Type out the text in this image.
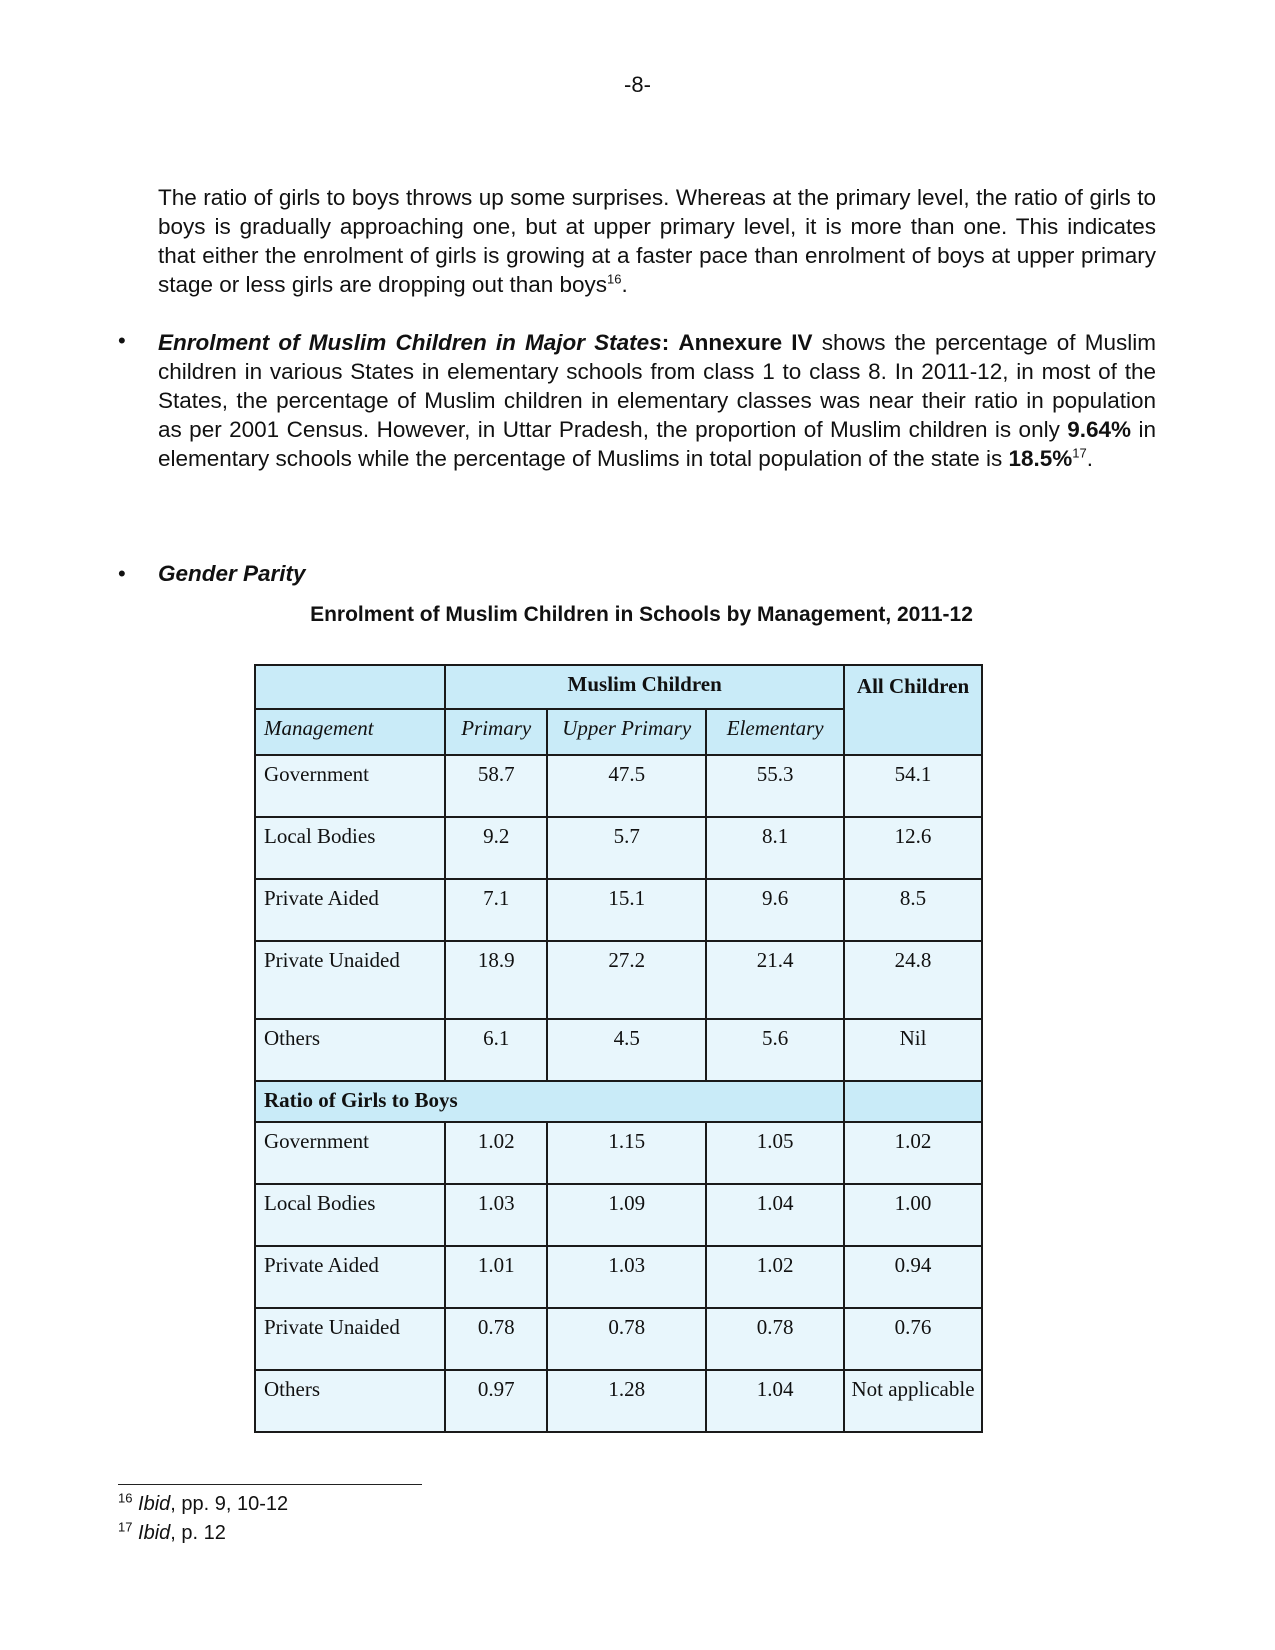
-8-

The ratio of girls to boys throws up some surprises. Whereas at the primary level, the ratio of girls to boys is gradually approaching one, but at upper primary level, it is more than one. This indicates that either the enrolment of girls is growing at a faster pace than enrolment of boys at upper primary stage or less girls are dropping out than boys$^{16}$.

• Enrolment of Muslim Children in Major States: Annexure IV shows the percentage of Muslim children in various States in elementary schools from class 1 to class 8. In 2011-12, in most of the States, the percentage of Muslim children in elementary classes was near their ratio in population as per 2001 Census. However, in Uttar Pradesh, the proportion of Muslim children is only 9.64% in elementary schools while the percentage of Muslims in total population of the state is 18.5%$^{17}$.

• Gender Parity
Enrolment of Muslim Children in Schools by Management, 2011-12
	Muslim Children			All Children
Management	Primary	Upper Primary	Elementary	
Government	58.7	47.5	55.3	54.1
Local Bodies	9.2	5.7	8.1	12.6
Private Aided	7.1	15.1	9.6	8.5
Private Unaided	18.9	27.2	21.4	24.8
Others	6.1	4.5	5.6	Nil
Ratio of Girls to Boys				
Government	1.02	1.15	1.05	1.02
Local Bodies	1.03	1.09	1.04	1.00
Private Aided	1.01	1.03	1.02	0.94
Private Unaided	0.78	0.78	0.78	0.76
Others	0.97	1.28	1.04	Not applicable
$^{16}$ Ibid, pp. 9, 10-12
$^{17}$ Ibid, p. 12
